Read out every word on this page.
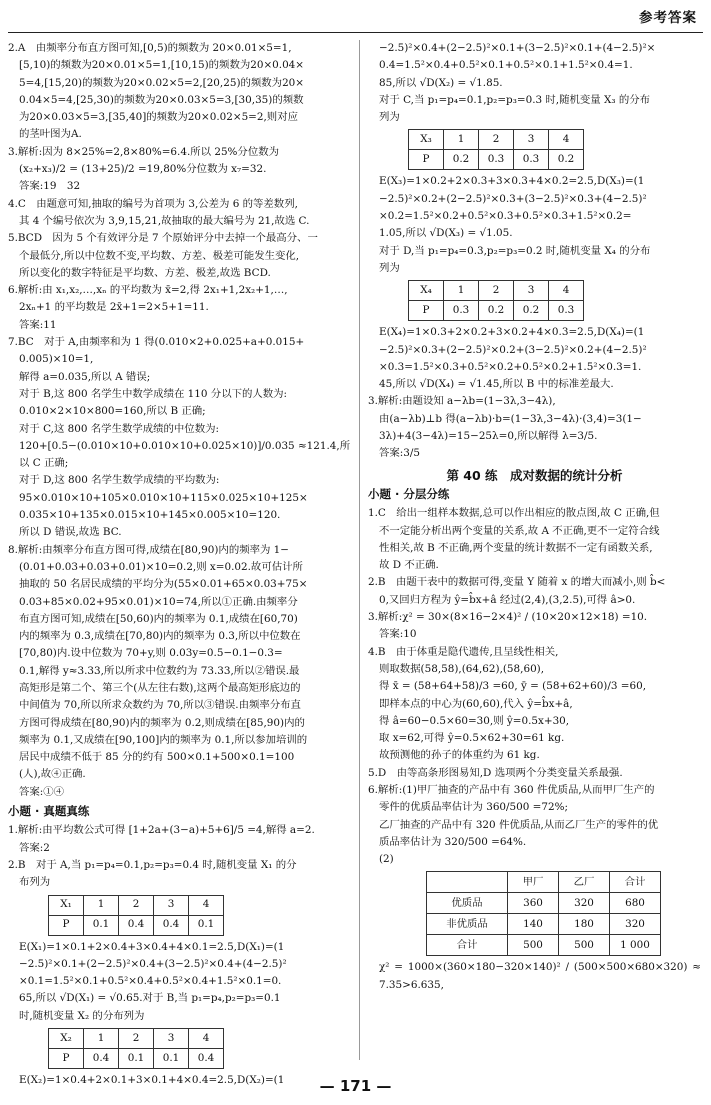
参考答案

2.A　由频率分布直方图可知,[0,5)的频数为 20×0.01×5=1,

[5,10)的频数为20×0.01×5=1,[10,15)的频数为20×0.04×

5=4,[15,20)的频数为20×0.02×5=2,[20,25)的频数为20×

0.04×5=4,[25,30)的频数为20×0.03×5=3,[30,35)的频数

为20×0.03×5=3,[35,40]的频数为20×0.02×5=2,则对应

的茎叶图为A.

3.解析:因为 8×25%=2,8×80%=6.4.所以 25%分位数为

(x₂+x₃)/2 = (13+25)/2 =19,80%分位数为 x₇=32.

答案:19　32

4.C　由题意可知,抽取的编号为首项为 3,公差为 6 的等差数列,

其 4 个编号依次为 3,9,15,21,故抽取的最大编号为 21,故选 C.

5.BCD　因为 5 个有效评分是 7 个原始评分中去掉一个最高分、一

个最低分,所以中位数不变,平均数、方差、极差可能发生变化,

所以变化的数字特征是平均数、方差、极差,故选 BCD.

6.解析:由 x₁,x₂,…,xₙ 的平均数为 x̄=2,得 2x₁+1,2x₂+1,…,

2xₙ+1 的平均数是 2x̄+1=2×5+1=11.

答案:11

7.BC　对于 A,由频率和为 1 得(0.010×2+0.025+a+0.015+

0.005)×10=1,

解得 a=0.035,所以 A 错误;

对于 B,这 800 名学生中数学成绩在 110 分以下的人数为:

0.010×2×10×800=160,所以 B 正确;

对于 C,这 800 名学生数学成绩的中位数为:

120+[0.5−(0.010×10+0.010×10+0.025×10)]/0.035 ≈121.4,所

以 C 正确;

对于 D,这 800 名学生数学成绩的平均数为:

95×0.010×10+105×0.010×10+115×0.025×10+125×

0.035×10+135×0.015×10+145×0.005×10=120.

所以 D 错误,故选 BC.

8.解析:由频率分布直方图可得,成绩在[80,90)内的频率为 1−

(0.01+0.03+0.03+0.01)×10=0.2,则 x=0.02.故可估计所

抽取的 50 名居民成绩的平均分为(55×0.01+65×0.03+75×

0.03+85×0.02+95×0.01)×10=74,所以①正确.由频率分

布直方图可知,成绩在[50,60)内的频率为 0.1,成绩在[60,70)

内的频率为 0.3,成绩在[70,80)内的频率为 0.3,所以中位数在

[70,80)内.设中位数为 70+y,则 0.03y=0.5−0.1−0.3=

0.1,解得 y≈3.33,所以所求中位数约为 73.33,所以②错误.最

高矩形是第二个、第三个(从左往右数),这两个最高矩形底边的

中间值为 70,所以所求众数约为 70,所以③错误.由频率分布直

方图可得成绩在[80,90)内的频率为 0.2,则成绩在[85,90)内的

频率为 0.1,又成绩在[90,100]内的频率为 0.1,所以参加培训的

居民中成绩不低于 85 分的约有 500×0.1+500×0.1=100

(人),故④正确.

答案:①④

小题 · 真题真练

1.解析:由平均数公式可得 [1+2a+(3−a)+5+6]/5 =4,解得 a=2.

答案:2

2.B　对于 A,当 p₁=p₄=0.1,p₂=p₃=0.4 时,随机变量 X₁ 的分

布列为

X₁	1	2	3	4
P	0.1	0.4	0.4	0.1

E(X₁)=1×0.1+2×0.4+3×0.4+4×0.1=2.5,D(X₁)=(1

−2.5)²×0.1+(2−2.5)²×0.4+(3−2.5)²×0.4+(4−2.5)²

×0.1=1.5²×0.1+0.5²×0.4+0.5²×0.4+1.5²×0.1=0.

65,所以 √D(X₁) = √0.65.对于 B,当 p₁=p₄,p₂=p₃=0.1

时,随机变量 X₂ 的分布列为

X₂	1	2	3	4
P	0.4	0.1	0.1	0.4

E(X₂)=1×0.4+2×0.1+3×0.1+4×0.4=2.5,D(X₂)=(1

−2.5)²×0.4+(2−2.5)²×0.1+(3−2.5)²×0.1+(4−2.5)²×

0.4=1.5²×0.4+0.5²×0.1+0.5²×0.1+1.5²×0.4=1.

85,所以 √D(X₂) = √1.85.

对于 C,当 p₁=p₄=0.1,p₂=p₃=0.3 时,随机变量 X₃ 的分布

列为

X₃	1	2	3	4
P	0.2	0.3	0.3	0.2

E(X₃)=1×0.2+2×0.3+3×0.3+4×0.2=2.5,D(X₃)=(1

−2.5)²×0.2+(2−2.5)²×0.3+(3−2.5)²×0.3+(4−2.5)²

×0.2=1.5²×0.2+0.5²×0.3+0.5²×0.3+1.5²×0.2=

1.05,所以 √D(X₃) = √1.05.

对于 D,当 p₁=p₄=0.3,p₂=p₃=0.2 时,随机变量 X₄ 的分布

列为

X₄	1	2	3	4
P	0.3	0.2	0.2	0.3

E(X₄)=1×0.3+2×0.2+3×0.2+4×0.3=2.5,D(X₄)=(1

−2.5)²×0.3+(2−2.5)²×0.2+(3−2.5)²×0.2+(4−2.5)²

×0.3=1.5²×0.3+0.5²×0.2+0.5²×0.2+1.5²×0.3=1.

45,所以 √D(X₄) = √1.45,所以 B 中的标准差最大.

3.解析:由题设知 a−λb=(1−3λ,3−4λ),

由(a−λb)⊥b 得(a−λb)·b=(1−3λ,3−4λ)·(3,4)=3(1−

3λ)+4(3−4λ)=15−25λ=0,所以解得 λ=3/5.

答案:3/5

第 40 练　成对数据的统计分析

小题 · 分层分练

1.C　给出一组样本数据,总可以作出相应的散点图,故 C 正确,但

不一定能分析出两个变量的关系,故 A 不正确,更不一定符合线

性相关,故 B 不正确,两个变量的统计数据不一定有函数关系,

故 D 不正确.

2.B　由题干表中的数据可得,变量 Y 随着 x 的增大而减小,则 b̂<

0,又回归方程为 ŷ=b̂x+â 经过(2,4),(3,2.5),可得 â>0.

3.解析:χ² = 30×(8×16−2×4)² / (10×20×12×18) =10.

答案:10

4.B　由于体重是隐代遗传,且呈线性相关,

则取数据(58,58),(64,62),(58,60),

得 x̄ = (58+64+58)/3 =60, ȳ = (58+62+60)/3 =60,

即样本点的中心为(60,60),代入 ŷ=b̂x+â,

得 â=60−0.5×60=30,则 ŷ=0.5x+30,

取 x=62,可得 ŷ=0.5×62+30=61 kg.

故预测他的孙子的体重约为 61 kg.

5.D　由等高条形图易知,D 选项两个分类变量关系最强.

6.解析:(1)甲厂抽查的产品中有 360 件优质品,从而甲厂生产的

零件的优质品率估计为 360/500 =72%;

乙厂抽查的产品中有 320 件优质品,从而乙厂生产的零件的优

质品率估计为 320/500 =64%.

(2)

	甲厂	乙厂	合计
优质品	360	320	680
非优质品	140	180	320
合计	500	500	1 000

χ² = 1000×(360×180−320×140)² / (500×500×680×320) ≈7.35>6.635,

— 171 —
